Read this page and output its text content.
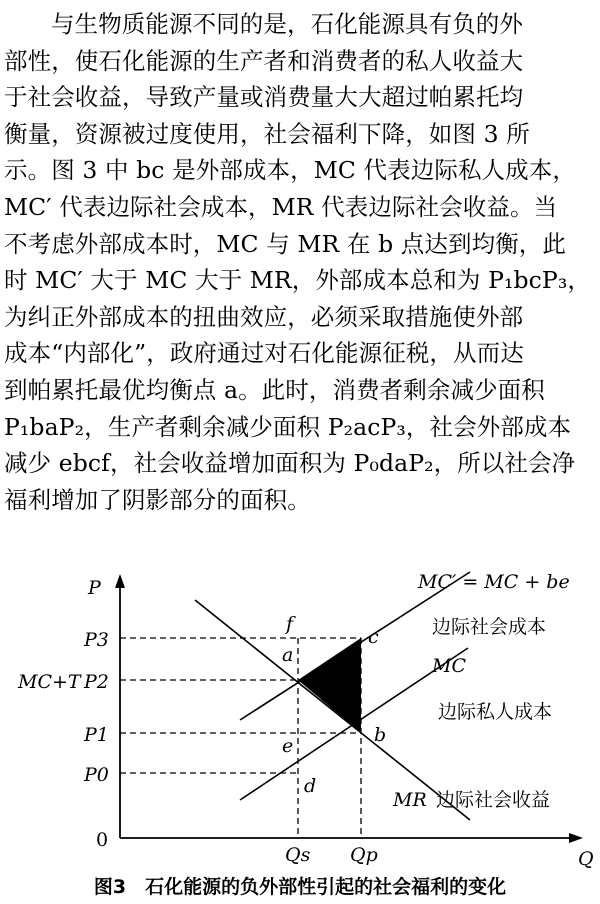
与生物质能源不同的是，石化能源具有负的外
部性，使石化能源的生产者和消费者的私人收益大
于社会收益，导致产量或消费量大大超过帕累托均
衡量，资源被过度使用，社会福利下降，如图 3 所
示。图 3 中 bc 是外部成本，MC 代表边际私人成本，
MC′ 代表边际社会成本，MR 代表边际社会收益。当
不考虑外部成本时，MC 与 MR 在 b 点达到均衡，此
时 MC′ 大于 MC 大于 MR，外部成本总和为 P₁bcP₃，
为纠正外部成本的扭曲效应，必须采取措施使外部
成本“内部化”，政府通过对石化能源征税，从而达
到帕累托最优均衡点 a。此时，消费者剩余减少面积
P₁baP₂，生产者剩余减少面积 P₂acP₃，社会外部成本
减少 ebcf，社会收益增加面积为 P₀daP₂，所以社会净
福利增加了阴影部分的面积。
P
Q
0
P3
P2
P1
P0
MC+T
Qs Qp
a
b
c
d
e
f
MC′ = MC + be
边际社会成本
MC
边际私人成本
MR 边际社会收益
图3　石化能源的负外部性引起的社会福利的变化
